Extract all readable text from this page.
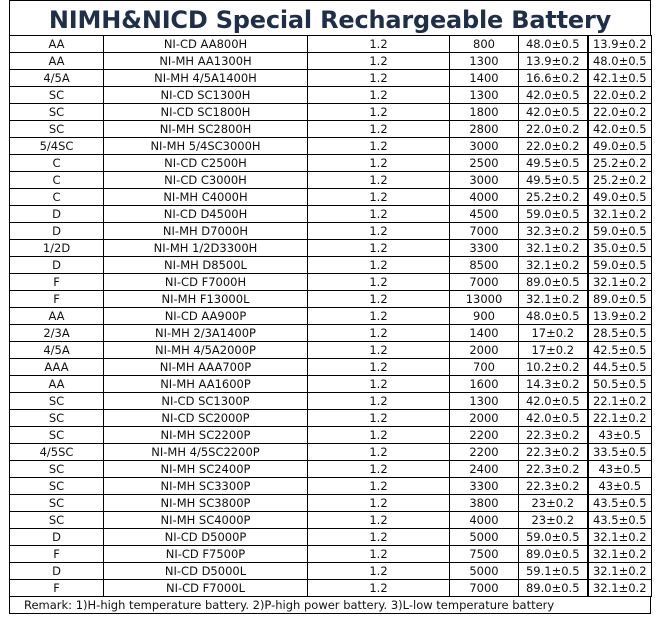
NIMH&NICD Special Rechargeable Battery
AA	NI-CD AA800H	1.2	800	48.0±0.5	13.9±0.2
AA	NI-MH AA1300H	1.2	1300	13.9±0.2	48.0±0.5
4/5A	NI-MH 4/5A1400H	1.2	1400	16.6±0.2	42.1±0.5
SC	NI-CD SC1300H	1.2	1300	42.0±0.5	22.0±0.2
SC	NI-CD SC1800H	1.2	1800	42.0±0.5	22.0±0.2
SC	NI-MH SC2800H	1.2	2800	22.0±0.2	42.0±0.5
5/4SC	NI-MH 5/4SC3000H	1.2	3000	22.0±0.2	49.0±0.5
C	NI-CD C2500H	1.2	2500	49.5±0.5	25.2±0.2
C	NI-CD C3000H	1.2	3000	49.5±0.5	25.2±0.2
C	NI-MH C4000H	1.2	4000	25.2±0.2	49.0±0.5
D	NI-CD D4500H	1.2	4500	59.0±0.5	32.1±0.2
D	NI-MH D7000H	1.2	7000	32.3±0.2	59.0±0.5
1/2D	NI-MH 1/2D3300H	1.2	3300	32.1±0.2	35.0±0.5
D	NI-MH D8500L	1.2	8500	32.1±0.2	59.0±0.5
F	NI-CD F7000H	1.2	7000	89.0±0.5	32.1±0.2
F	NI-MH F13000L	1.2	13000	32.1±0.2	89.0±0.5
AA	NI-CD AA900P	1.2	900	48.0±0.5	13.9±0.2
2/3A	NI-MH 2/3A1400P	1.2	1400	17±0.2	28.5±0.5
4/5A	NI-MH 4/5A2000P	1.2	2000	17±0.2	42.5±0.5
AAA	NI-MH AAA700P	1.2	700	10.2±0.2	44.5±0.5
AA	NI-MH AA1600P	1.2	1600	14.3±0.2	50.5±0.5
SC	NI-CD SC1300P	1.2	1300	42.0±0.5	22.1±0.2
SC	NI-CD SC2000P	1.2	2000	42.0±0.5	22.1±0.2
SC	NI-MH SC2200P	1.2	2200	22.3±0.2	43±0.5
4/5SC	NI-MH 4/5SC2200P	1.2	2200	22.3±0.2	33.5±0.5
SC	NI-MH SC2400P	1.2	2400	22.3±0.2	43±0.5
SC	NI-MH SC3300P	1.2	3300	22.3±0.2	43±0.5
SC	NI-MH SC3800P	1.2	3800	23±0.2	43.5±0.5
SC	NI-MH SC4000P	1.2	4000	23±0.2	43.5±0.5
D	NI-CD D5000P	1.2	5000	59.0±0.5	32.1±0.2
F	NI-CD F7500P	1.2	7500	89.0±0.5	32.1±0.2
D	NI-CD D5000L	1.2	5000	59.1±0.5	32.1±0.2
F	NI-CD F7000L	1.2	7000	89.0±0.5	32.1±0.2
Remark: 1)H-high temperature battery. 2)P-high power battery. 3)L-low temperature battery
